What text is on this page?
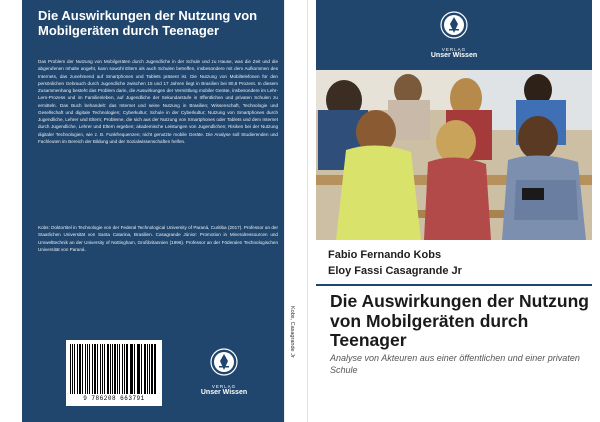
Die Auswirkungen der Nutzung von Mobilgeräten durch Teenager
Das Problem der Nutzung von Mobilgeräten durch Jugendliche in der Schule und zu Hause, was die Zeit und die abgerufenen Inhalte angeht, kann sowohl Eltern als auch Schulen betreffen, insbesondere mit dem Aufkommen des Internets, das zunehmend auf Smartphones und Tablets präsent ist. Die Nutzung von Mobiltelefonen für den persönlichen Gebrauch durch Jugendliche zwischen 15 und 17 Jahren liegt in Brasilien bei 80,8 Prozent. In diesem Zusammenhang besteht das Problem darin, die Auswirkungen der Vermittlung mobiler Geräte, insbesondere im Lehr-Lern-Prozess und im Familienleben, auf Jugendliche der Sekundarstufe in öffentlichen und privaten Schulen zu ermitteln. Das Buch behandelt: das Internet und seine Nutzung in Brasilien; Wissenschaft, Technologie und Gesellschaft und digitale Technologien; Cyberkultur; Schule in der Cyberkultur; Nutzung von Smartphones durch Jugendliche, Lehrer und Eltern; Probleme, die sich aus der Nutzung von Smartphones oder Tablets und dem Internet durch Jugendliche, Lehrer und Eltern ergeben; akademische Leistungen von Jugendlichen; Risiken bei der Nutzung digitaler Technologien, wie z. B. Funkfrequenzen; nicht genutzte mobile Geräte. Die Analyse soll Studierenden und Fachleuten im Bereich der Bildung und der Sozialwissenschaften helfen.
Kobs: Doktortitel in Technologie von der Federal Technological University of Paraná, Curitiba (2017). Professor an der Staatlichen Universität von Santa Catarina, Brasilien. Casagrande Júnior: Promotion in Mineralressourcen und Umwelttechnik an der University of Nottingham, Großbritannien (1996). Professor an der Föderalen Technologischen Universität von Paraná.
9 786208 663791
VERLAG
Unser Wissen
Kobs, Casagrande Jr
VERLAG
Unser Wissen
Fabio Fernando Kobs
Eloy Fassi Casagrande Jr
Die Auswirkungen der Nutzung von Mobilgeräten durch Teenager
Analyse von Akteuren aus einer öffentlichen und einer privaten Schule
